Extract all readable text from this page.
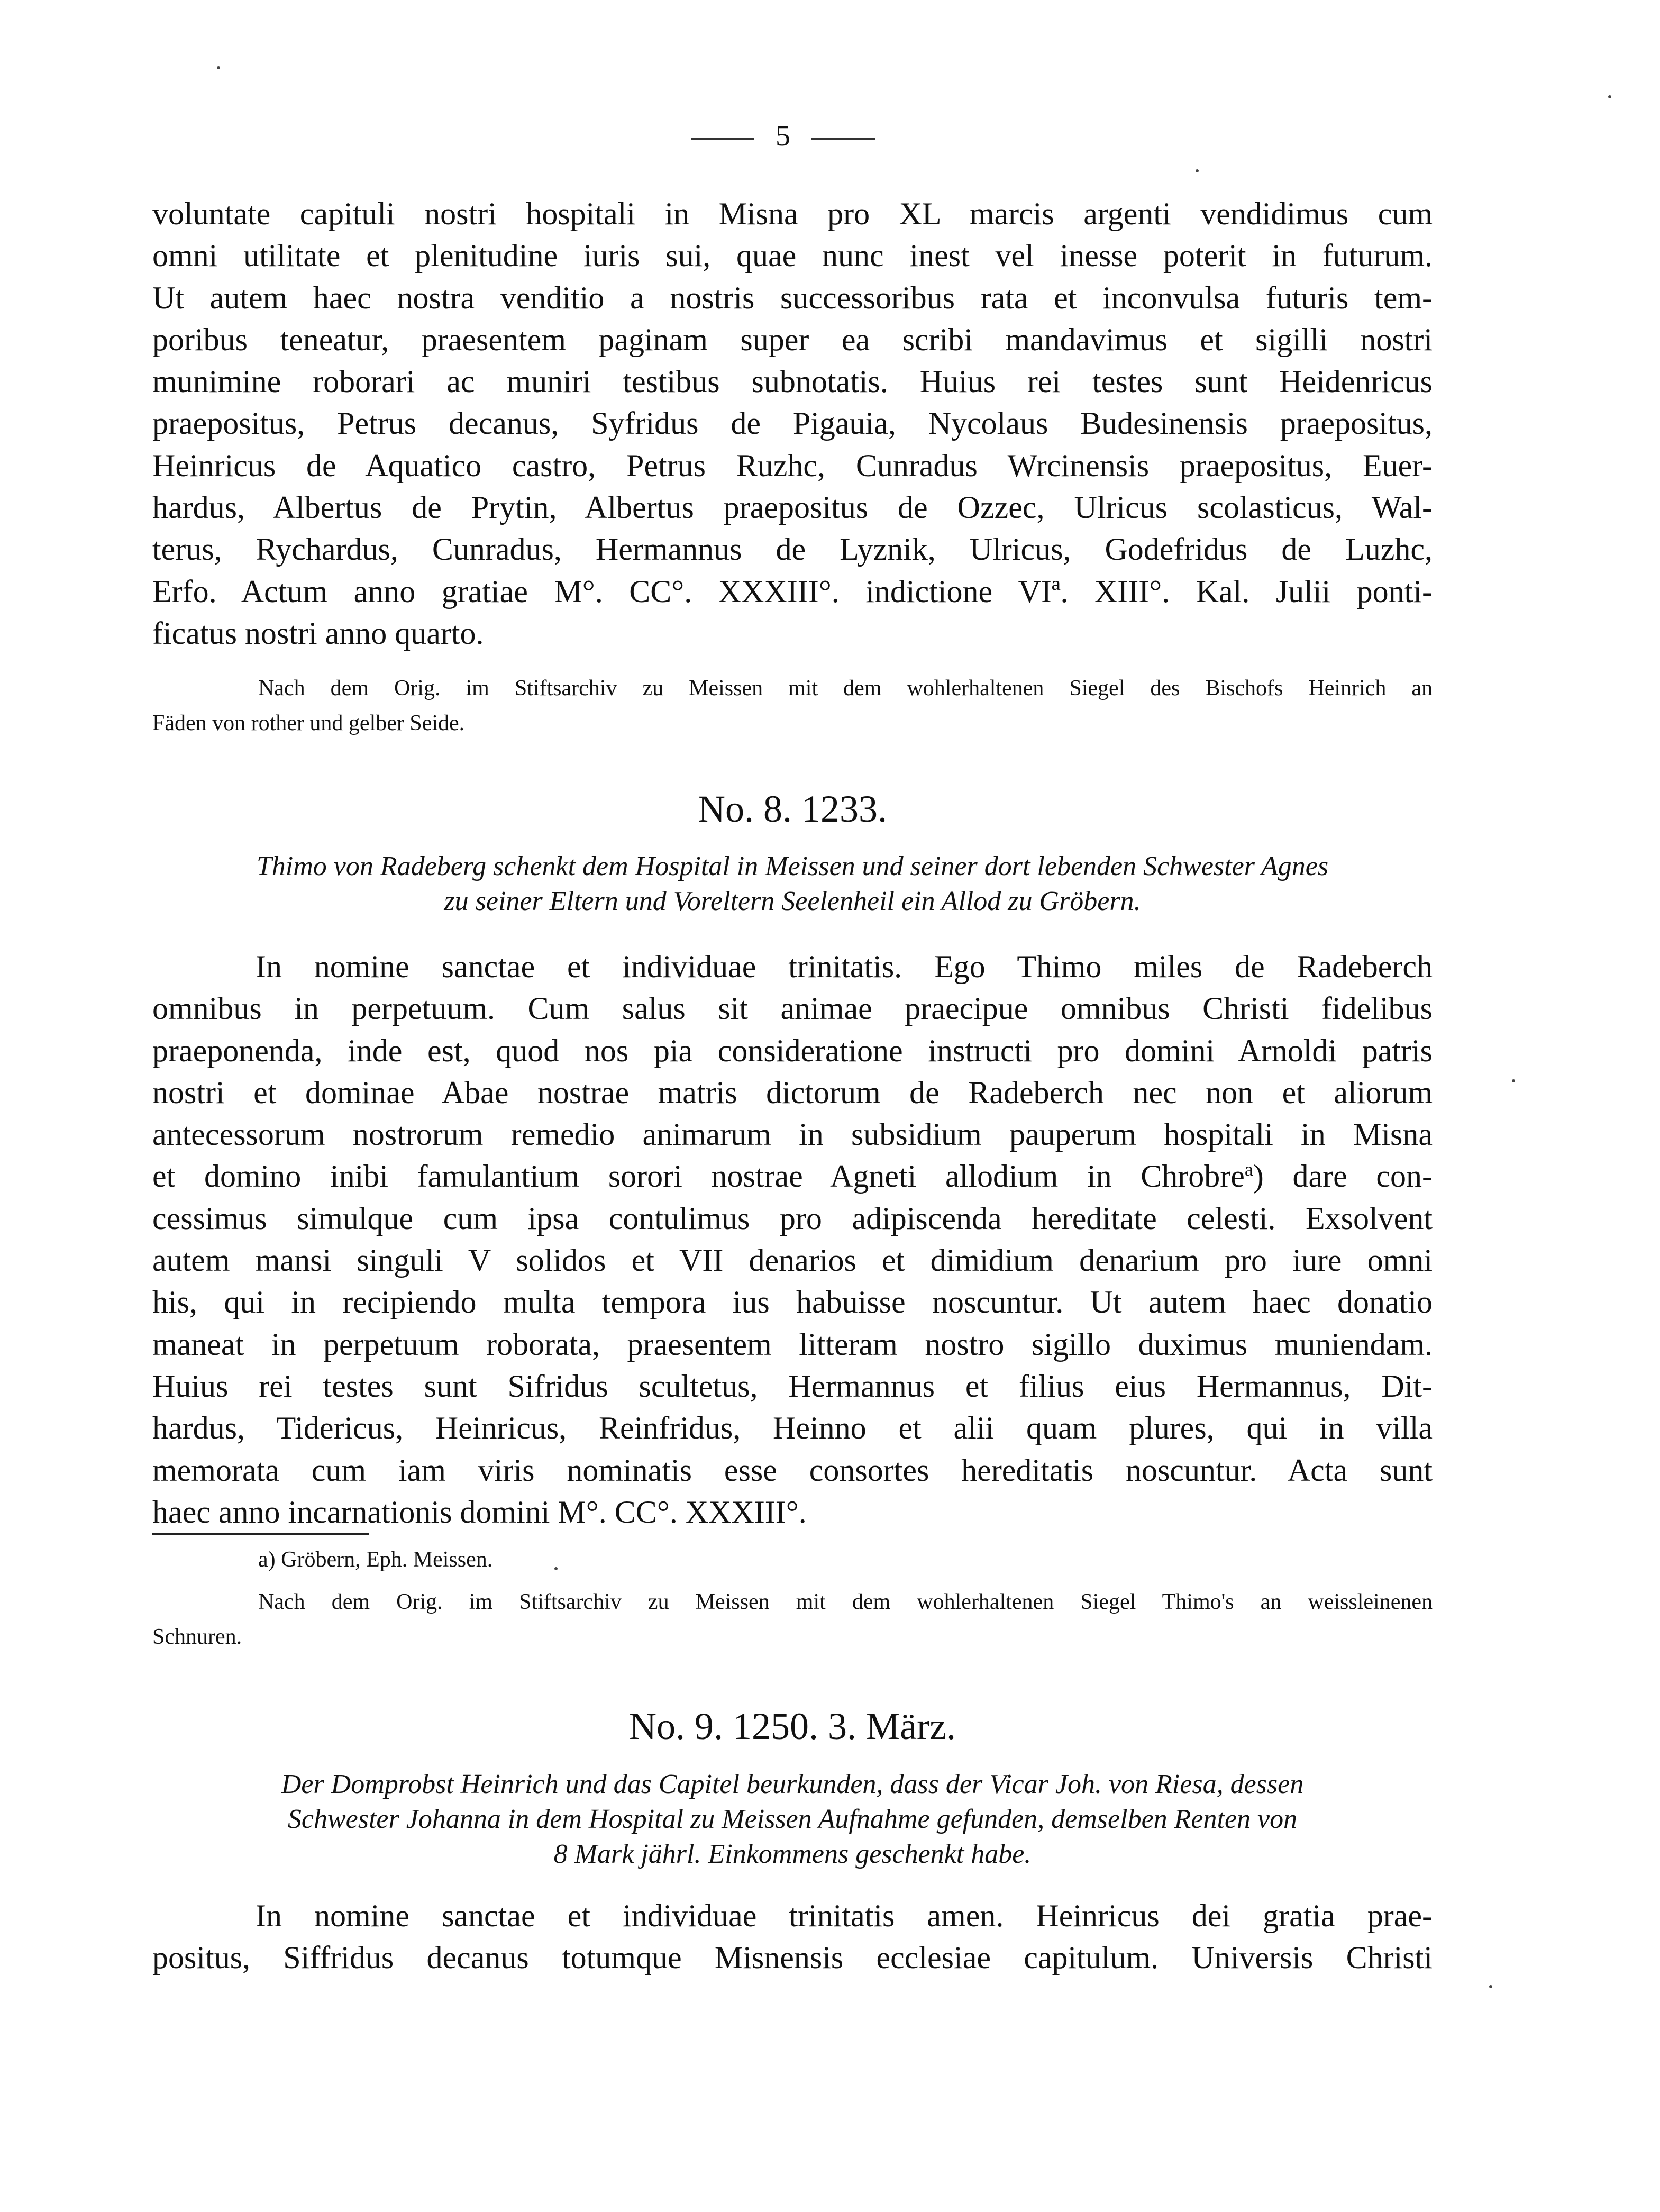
5

voluntate capituli nostri hospitali in Misna pro XL marcis argenti vendidimus cum

omni utilitate et plenitudine iuris sui, quae nunc inest vel inesse poterit in futurum.

Ut autem haec nostra venditio a nostris successoribus rata et inconvulsa futuris tem-

poribus teneatur, praesentem paginam super ea scribi mandavimus et sigilli nostri

munimine roborari ac muniri testibus subnotatis. Huius rei testes sunt Heidenricus

praepositus, Petrus decanus, Syfridus de Pigauia, Nycolaus Budesinensis praepositus,

Heinricus de Aquatico castro, Petrus Ruzhc, Cunradus Wrcinensis praepositus, Euer-

hardus, Albertus de Prytin, Albertus praepositus de Ozzec, Ulricus scolasticus, Wal-

terus, Rychardus, Cunradus, Hermannus de Lyznik, Ulricus, Godefridus de Luzhc,

Erfo. Actum anno gratiae M°. CC°. XXXIII°. indictione VIª. XIII°. Kal. Julii ponti-

ficatus nostri anno quarto.

Nach dem Orig. im Stiftsarchiv zu Meissen mit dem wohlerhaltenen Siegel des Bischofs Heinrich an

Fäden von rother und gelber Seide.

No. 8. 1233.
Thimo von Radeberg schenkt dem Hospital in Meissen und seiner dort lebenden Schwester Agnes
zu seiner Eltern und Voreltern Seelenheil ein Allod zu Gröbern.

In nomine sanctae et individuae trinitatis. Ego Thimo miles de Radeberch

omnibus in perpetuum. Cum salus sit animae praecipue omnibus Christi fidelibus

praeponenda, inde est, quod nos pia consideratione instructi pro domini Arnoldi patris

nostri et dominae Abae nostrae matris dictorum de Radeberch nec non et aliorum

antecessorum nostrorum remedio animarum in subsidium pauperum hospitali in Misna

et domino inibi famulantium sorori nostrae Agneti allodium in Chrobre$^a$) dare con-

cessimus simulque cum ipsa contulimus pro adipiscenda hereditate celesti. Exsolvent

autem mansi singuli V solidos et VII denarios et dimidium denarium pro iure omni

his, qui in recipiendo multa tempora ius habuisse noscuntur. Ut autem haec donatio

maneat in perpetuum roborata, praesentem litteram nostro sigillo duximus muniendam.

Huius rei testes sunt Sifridus scultetus, Hermannus et filius eius Hermannus, Dit-

hardus, Tidericus, Heinricus, Reinfridus, Heinno et alii quam plures, qui in villa

memorata cum iam viris nominatis esse consortes hereditatis noscuntur. Acta sunt

haec anno incarnationis domini M°. CC°. XXXIII°.

a) Gröbern, Eph. Meissen.

Nach dem Orig. im Stiftsarchiv zu Meissen mit dem wohlerhaltenen Siegel Thimo's an weissleinenen

Schnuren.

No. 9. 1250. 3. März.
Der Domprobst Heinrich und das Capitel beurkunden, dass der Vicar Joh. von Riesa, dessen
Schwester Johanna in dem Hospital zu Meissen Aufnahme gefunden, demselben Renten von
8 Mark jährl. Einkommens geschenkt habe.

In nomine sanctae et individuae trinitatis amen. Heinricus dei gratia prae-

positus, Siffridus decanus totumque Misnensis ecclesiae capitulum. Universis Christi
